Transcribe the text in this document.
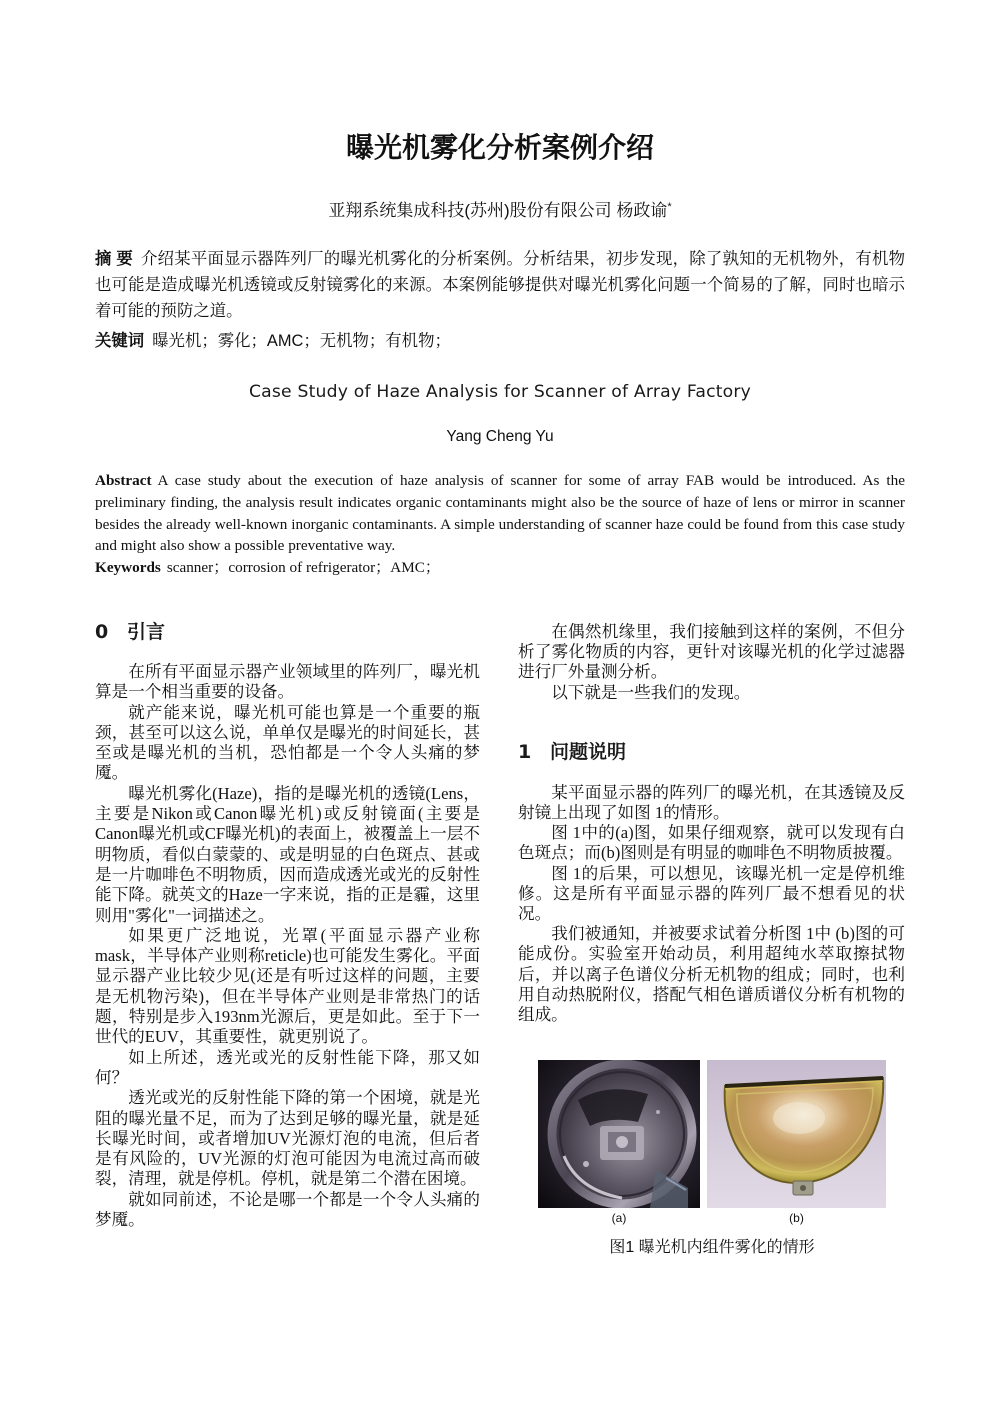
曝光机雾化分析案例介绍
亚翔系统集成科技(苏州)股份有限公司 杨政谕*

摘 要 介绍某平面显示器阵列厂的曝光机雾化的分析案例。分析结果，初步发现，除了孰知的无机物外，有机物也可能是造成曝光机透镜或反射镜雾化的来源。本案例能够提供对曝光机雾化问题一个简易的了解，同时也暗示着可能的预防之道。

关键词 曝光机；雾化；AMC；无机物；有机物；

Case Study of Haze Analysis for Scanner of Array Factory
Yang Cheng Yu

Abstract A case study about the execution of haze analysis of scanner for some of array FAB would be introduced. As the preliminary finding, the analysis result indicates organic contaminants might also be the source of haze of lens or mirror in scanner besides the already well-known inorganic contaminants. A simple understanding of scanner haze could be found from this case study and might also show a possible preventative way.

Keywords scanner；corrosion of refrigerator；AMC；

0 引言

在所有平面显示器产业领域里的阵列厂，曝光机算是一个相当重要的设备。

就产能来说，曝光机可能也算是一个重要的瓶颈，甚至可以这么说，单单仅是曝光的时间延长，甚至或是曝光机的当机，恐怕都是一个令人头痛的梦魇。

曝光机雾化(Haze)，指的是曝光机的透镜(Lens，主要是Nikon或Canon曝光机)或反射镜面(主要是Canon曝光机或CF曝光机)的表面上，被覆盖上一层不明物质，看似白蒙蒙的、或是明显的白色斑点、甚或是一片咖啡色不明物质，因而造成透光或光的反射性能下降。就英文的Haze一字来说，指的正是霾，这里则用"雾化"一词描述之。

如果更广泛地说，光罩(平面显示器产业称mask，半导体产业则称reticle)也可能发生雾化。平面显示器产业比较少见(还是有听过这样的问题，主要是无机物污染)，但在半导体产业则是非常热门的话题，特别是步入193nm光源后，更是如此。至于下一世代的EUV，其重要性，就更别说了。

如上所述，透光或光的反射性能下降，那又如何？

透光或光的反射性能下降的第一个困境，就是光阻的曝光量不足，而为了达到足够的曝光量，就是延长曝光时间，或者增加UV光源灯泡的电流，但后者是有风险的，UV光源的灯泡可能因为电流过高而破裂，清理，就是停机。停机，就是第二个潜在困境。

就如同前述，不论是哪一个都是一个令人头痛的梦魇。

在偶然机缘里，我们接触到这样的案例，不但分析了雾化物质的内容，更针对该曝光机的化学过滤器进行厂外量测分析。

以下就是一些我们的发现。

1 问题说明

某平面显示器的阵列厂的曝光机，在其透镜及反射镜上出现了如图 1的情形。

图 1中的(a)图，如果仔细观察，就可以发现有白色斑点；而(b)图则是有明显的咖啡色不明物质披覆。

图 1的后果，可以想见，该曝光机一定是停机维修。这是所有平面显示器的阵列厂最不想看见的状况。

我们被通知，并被要求试着分析图 1中 (b)图的可能成份。实验室开始动员，利用超纯水萃取擦拭物后，并以离子色谱仪分析无机物的组成；同时，也利用自动热脱附仪，搭配气相色谱质谱仪分析有机物的组成。

(a)	(b)
图1 曝光机内组件雾化的情形
